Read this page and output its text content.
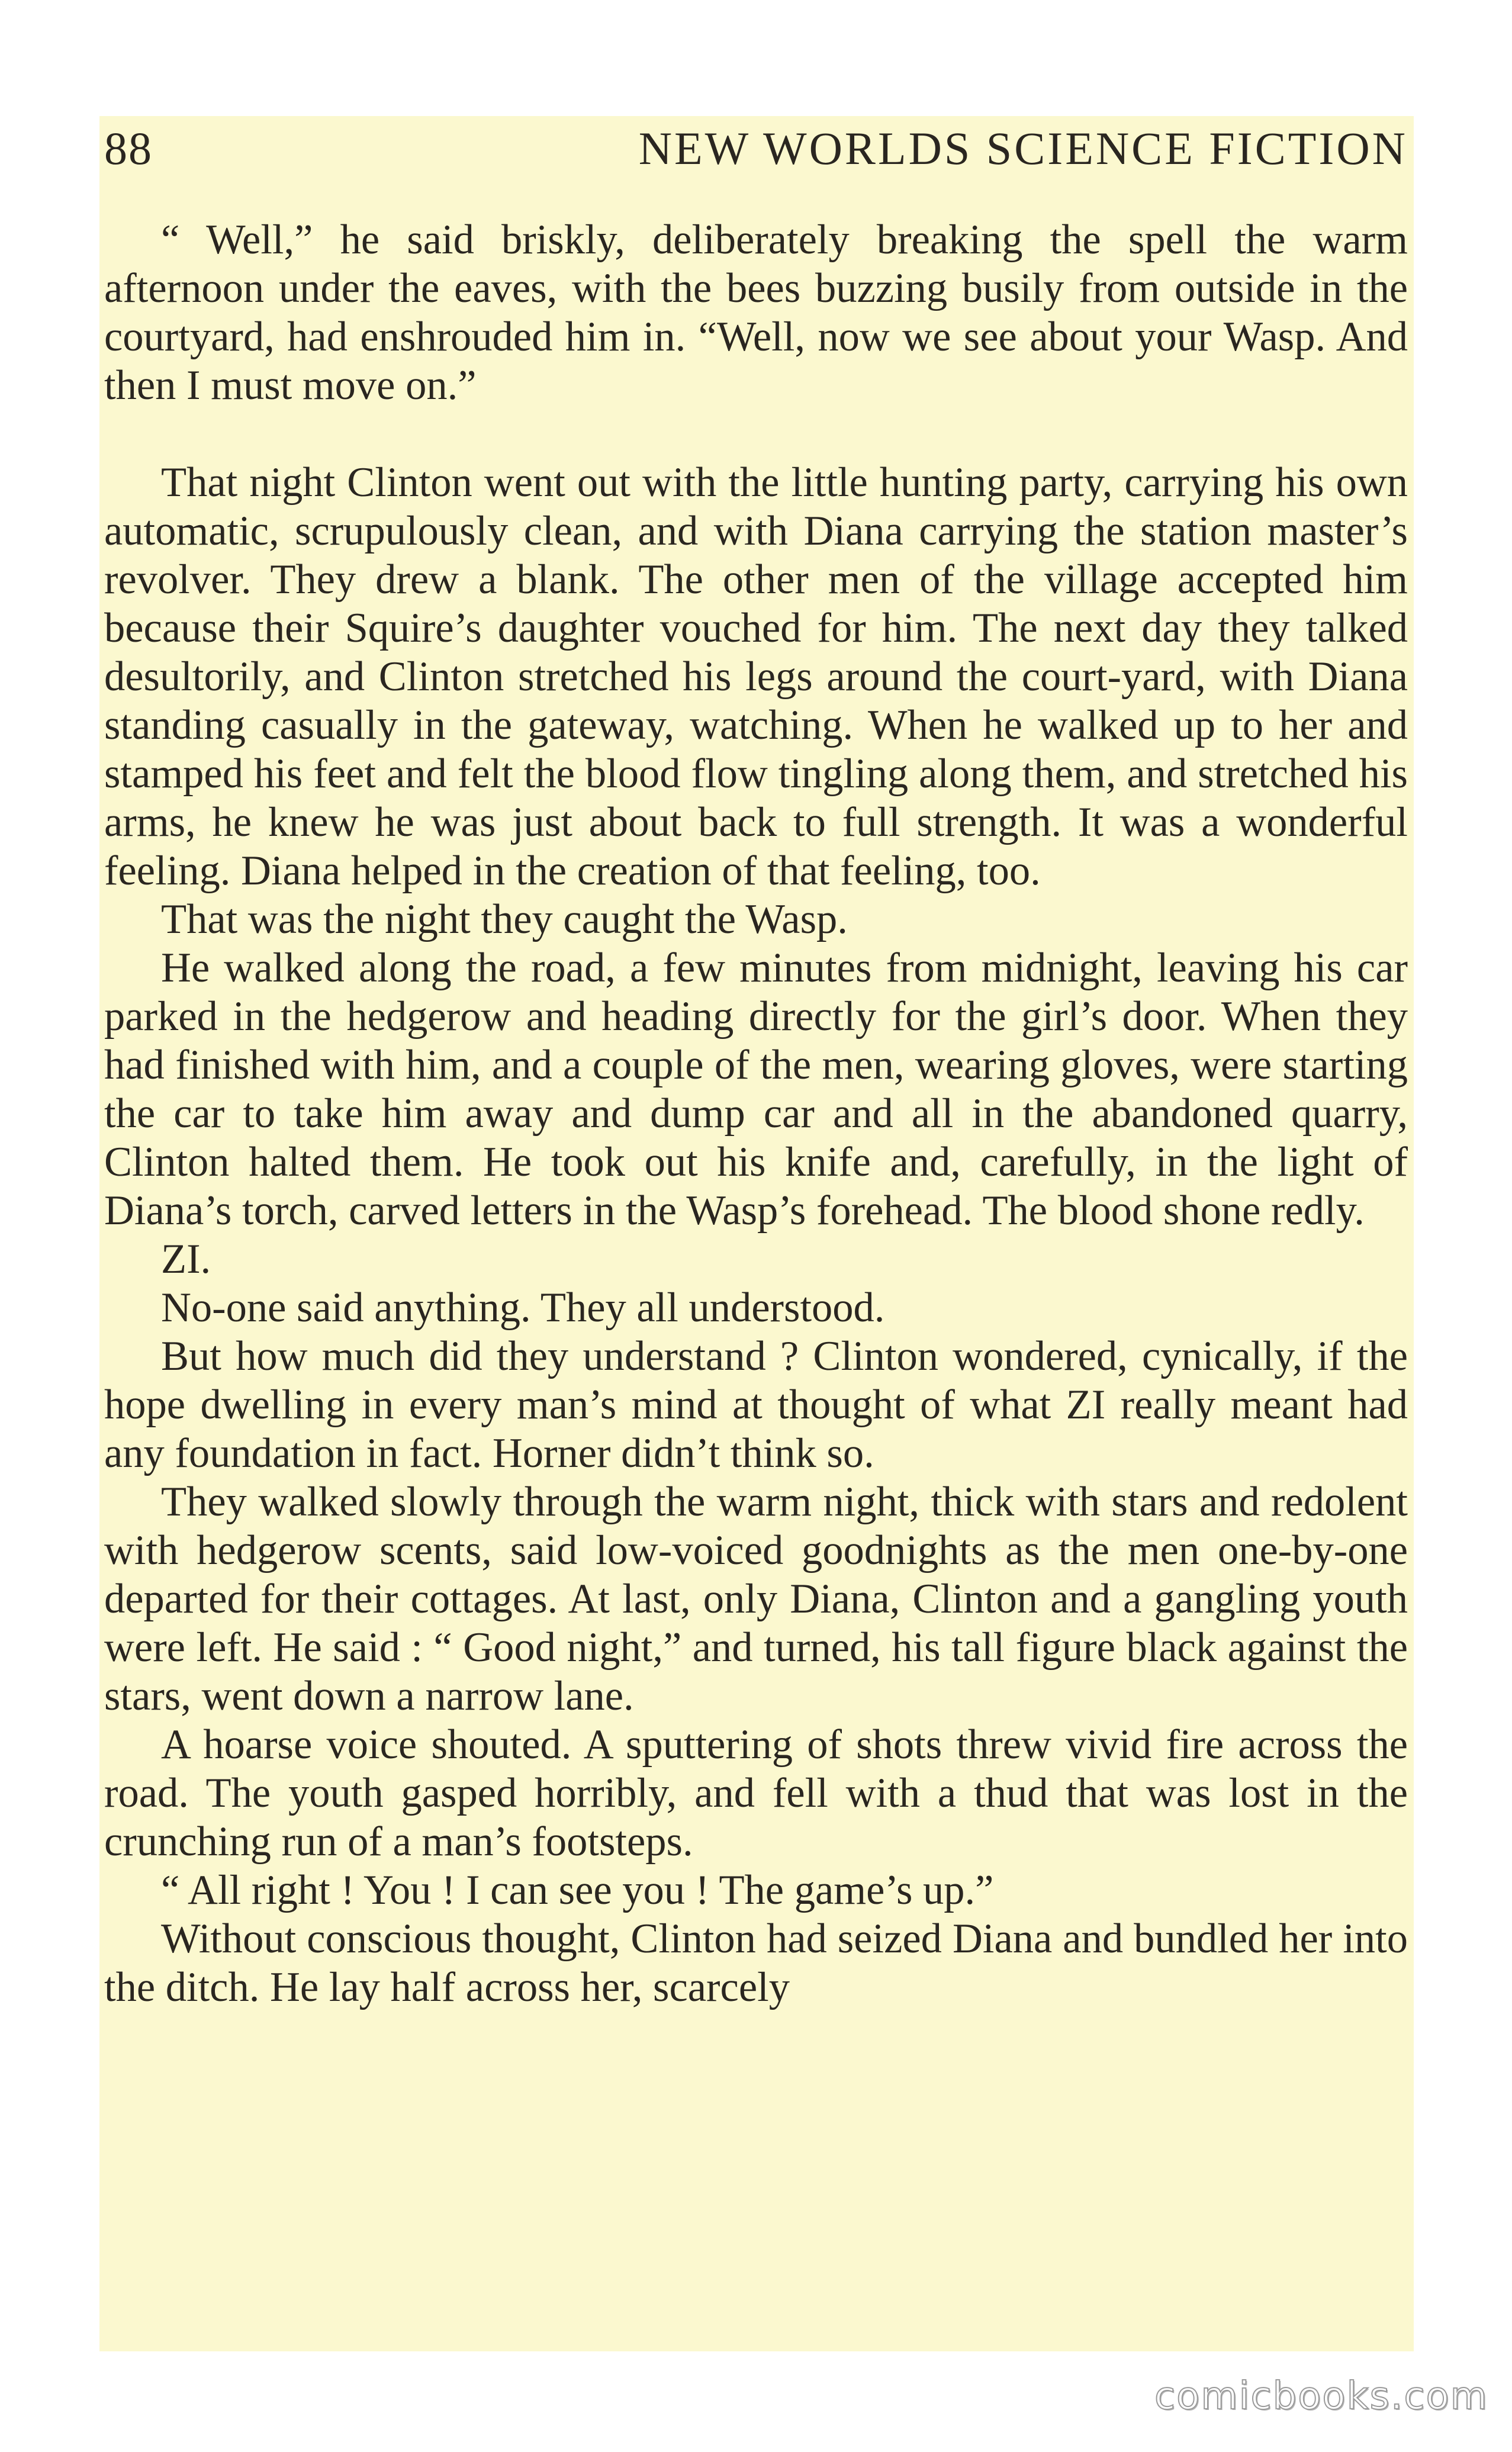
88	NEW WORLDS SCIENCE FICTION

“ Well,” he said briskly, deliberately breaking the spell the warm afternoon under the eaves, with the bees buzzing busily from outside in the courtyard, had enshrouded him in. “Well, now we see about your Wasp. And then I must move on.”

That night Clinton went out with the little hunting party, carrying his own automatic, scrupulously clean, and with Diana carrying the station master’s revolver. They drew a blank. The other men of the village accepted him because their Squire’s daughter vouched for him. The next day they talked desultorily, and Clinton stretched his legs around the court-yard, with Diana standing casually in the gateway, watching. When he walked up to her and stamped his feet and felt the blood flow tingling along them, and stretched his arms, he knew he was just about back to full strength. It was a wonderful feeling. Diana helped in the creation of that feeling, too.

That was the night they caught the Wasp.

He walked along the road, a few minutes from midnight, leaving his car parked in the hedgerow and heading directly for the girl’s door. When they had finished with him, and a couple of the men, wearing gloves, were starting the car to take him away and dump car and all in the abandoned quarry, Clinton halted them. He took out his knife and, carefully, in the light of Diana’s torch, carved letters in the Wasp’s forehead. The blood shone redly.

ZI.

No-one said anything. They all understood.

But how much did they understand ? Clinton wondered, cynically, if the hope dwelling in every man’s mind at thought of what ZI really meant had any foundation in fact. Horner didn’t think so.

They walked slowly through the warm night, thick with stars and redolent with hedgerow scents, said low-voiced goodnights as the men one-by-one departed for their cottages. At last, only Diana, Clinton and a gangling youth were left. He said : “ Good night,” and turned, his tall figure black against the stars, went down a narrow lane.

A hoarse voice shouted. A sputtering of shots threw vivid fire across the road. The youth gasped horribly, and fell with a thud that was lost in the crunching run of a man’s footsteps.

“ All right ! You ! I can see you ! The game’s up.”

Without conscious thought, Clinton had seized Diana and bundled her into the ditch. He lay half across her, scarcely

comicbooks.com
